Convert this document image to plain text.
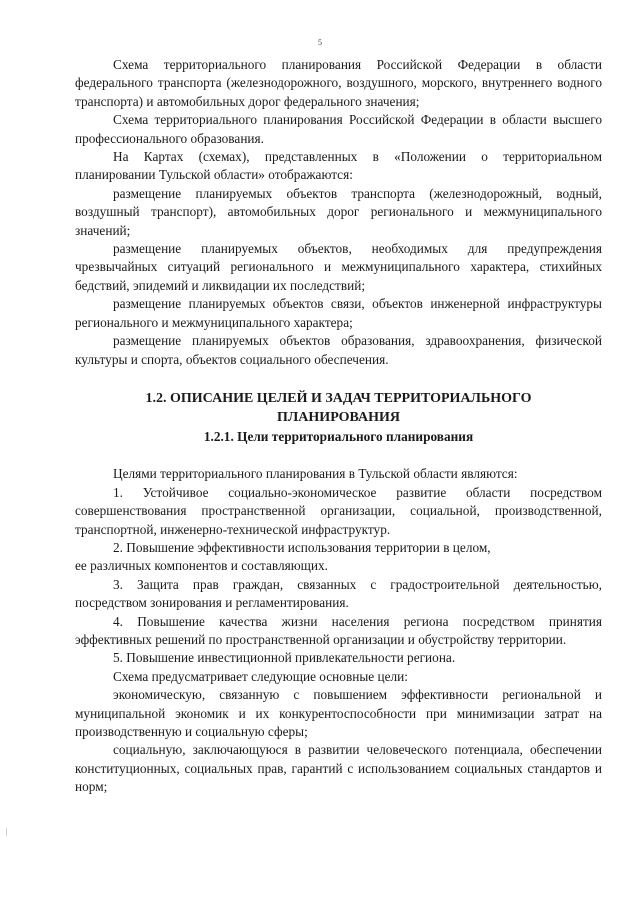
5

Схема территориального планирования Российской Федерации в области федерального транспорта (железнодорожного, воздушного, морского, внутреннего водного транспорта) и автомобильных дорог федерального значения;

Схема территориального планирования Российской Федерации в области высшего профессионального образования.

На Картах (схемах), представленных в «Положении о территориальном планировании Тульской области» отображаются:

размещение планируемых объектов транспорта (железнодорожный, водный, воздушный транспорт), автомобильных дорог регионального и межмуниципального значений;

размещение планируемых объектов, необходимых для предупреждения чрезвычайных ситуаций регионального и межмуниципального характера, стихийных бедствий, эпидемий и ликвидации их последствий;

размещение планируемых объектов связи, объектов инженерной инфраструктуры регионального и межмуниципального характера;

размещение планируемых объектов образования, здравоохранения, физической культуры и спорта, объектов социального обеспечения.

1.2. ОПИСАНИЕ ЦЕЛЕЙ И ЗАДАЧ ТЕРРИТОРИАЛЬНОГО ПЛАНИРОВАНИЯ

1.2.1. Цели территориального планирования

Целями территориального планирования в Тульской области являются:

1. Устойчивое социально-экономическое развитие области посредством совершенствования пространственной организации, социальной, производственной, транспортной, инженерно-технической инфраструктур.

2. Повышение эффективности использования территории в целом,

ее различных компонентов и составляющих.

3. Защита прав граждан, связанных с градостроительной деятельностью, посредством зонирования и регламентирования.

4. Повышение качества жизни населения региона посредством принятия эффективных решений по пространственной организации и обустройству территории.

5. Повышение инвестиционной привлекательности региона.

Схема предусматривает следующие основные цели:

экономическую, связанную с повышением эффективности региональной и муниципальной экономик и их конкурентоспособности при минимизации затрат на производственную и социальную сферы;

социальную, заключающуюся в развитии человеческого потенциала, обеспечении конституционных, социальных прав, гарантий с использованием социальных стандартов и норм;
